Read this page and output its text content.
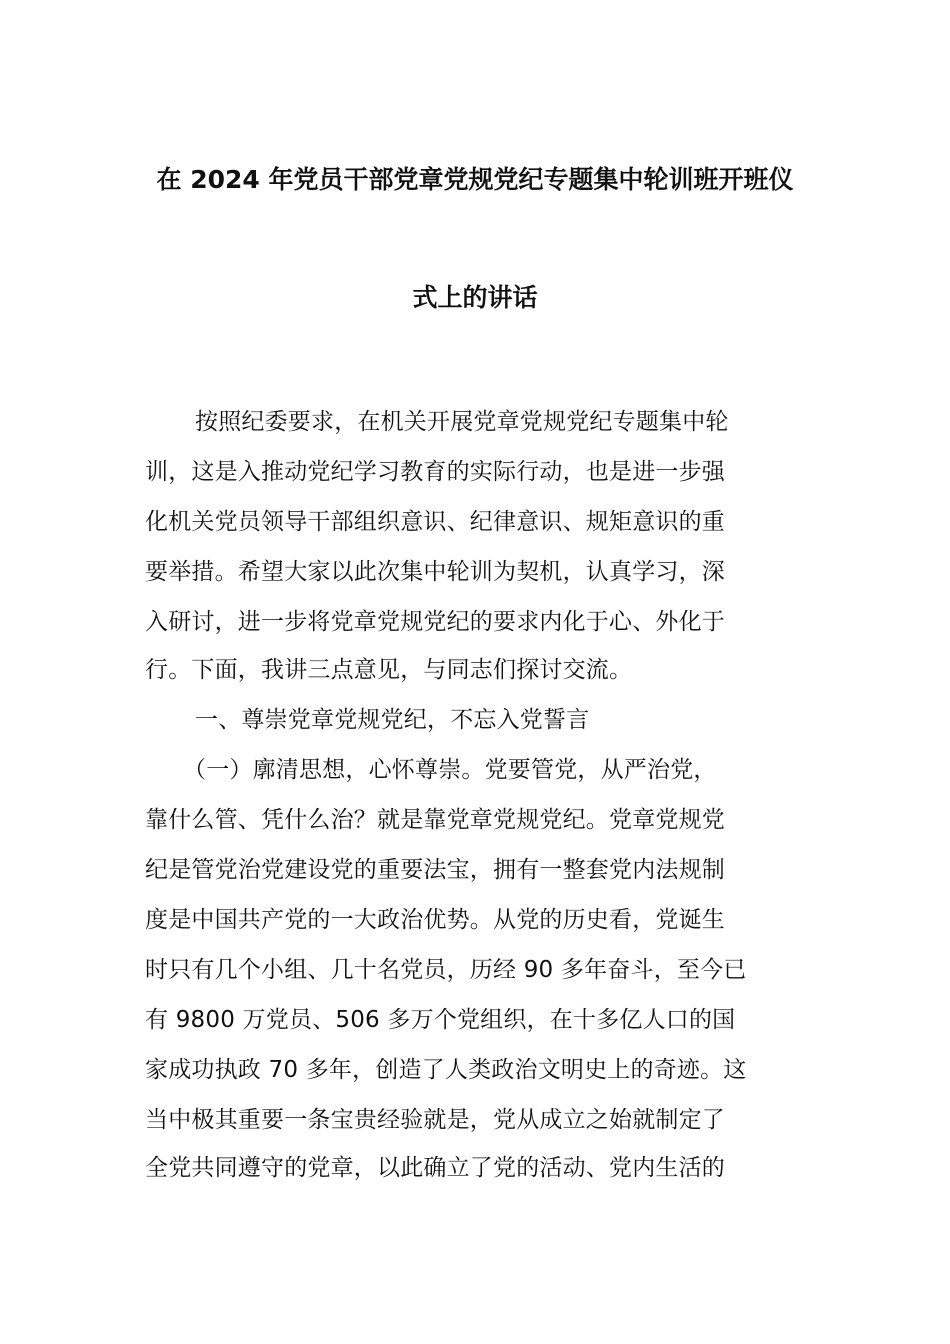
在 2024 年党员干部党章党规党纪专题集中轮训班开班仪
式上的讲话
按照纪委要求，在机关开展党章党规党纪专题集中轮
训，这是入推动党纪学习教育的实际行动，也是进一步强
化机关党员领导干部组织意识、纪律意识、规矩意识的重
要举措。希望大家以此次集中轮训为契机，认真学习，深
入研讨，进一步将党章党规党纪的要求内化于心、外化于
行。下面，我讲三点意见，与同志们探讨交流。
一、尊崇党章党规党纪，不忘入党誓言
（一）廓清思想，心怀尊崇。党要管党，从严治党，
靠什么管、凭什么治？就是靠党章党规党纪。党章党规党
纪是管党治党建设党的重要法宝，拥有一整套党内法规制
度是中国共产党的一大政治优势。从党的历史看，党诞生
时只有几个小组、几十名党员，历经 90 多年奋斗，至今已
有 9800 万党员、506 多万个党组织，在十多亿人口的国
家成功执政 70 多年，创造了人类政治文明史上的奇迹。这
当中极其重要一条宝贵经验就是，党从成立之始就制定了
全党共同遵守的党章，以此确立了党的活动、党内生活的
